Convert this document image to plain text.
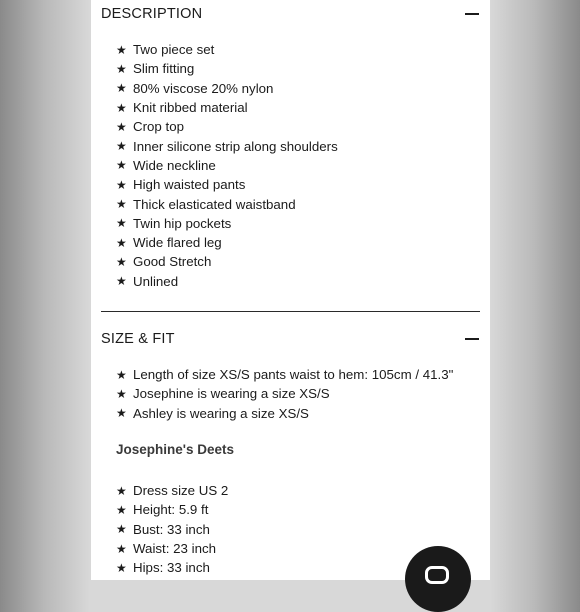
DESCRIPTION
★ Two piece set
★ Slim fitting
★ 80% viscose 20% nylon
★ Knit ribbed material
★ Crop top
★ Inner silicone strip along shoulders
★ Wide neckline
★ High waisted pants
★ Thick elasticated waistband
★ Twin hip pockets
★ Wide flared leg
★ Good Stretch
★ Unlined
SIZE & FIT
★ Length of size XS/S pants waist to hem: 105cm / 41.3"
★ Josephine is wearing a size XS/S
★ Ashley is wearing a size XS/S
Josephine's Deets
★ Dress size US 2
★ Height: 5.9 ft
★ Bust: 33 inch
★ Waist: 23 inch
★ Hips: 33 inch
